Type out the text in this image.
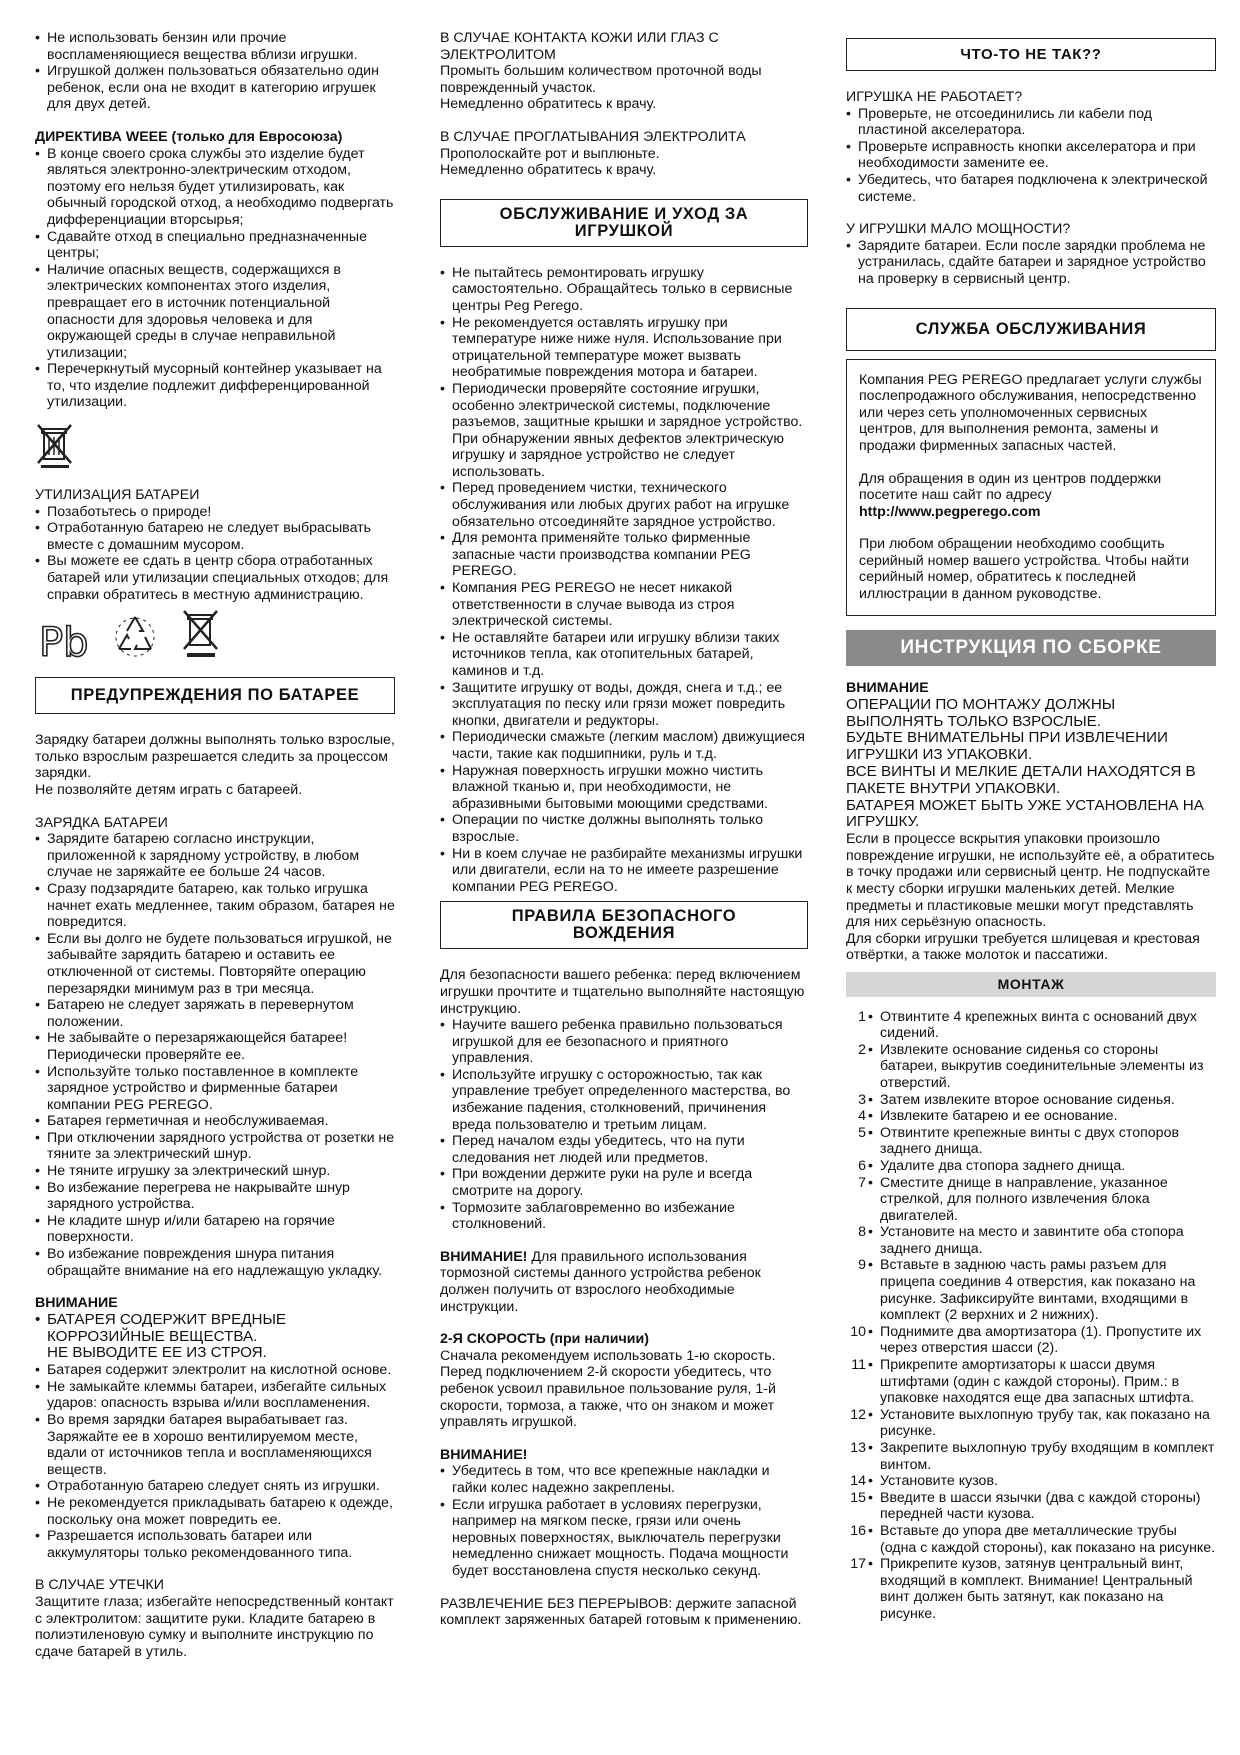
• Не использовать бензин или прочие воспламеняющиеся вещества вблизи игрушки.
• Игрушкой должен пользоваться обязательно один ребенок, если она не входит в категорию игрушек для двух детей.

ДИРЕКТИВА WEEE (только для Евросоюза)

• В конце своего срока службы это изделие будет являться электронно-электрическим отходом, поэтому его нельзя будет утилизировать, как обычный городской отход, а необходимо подвергать дифференциации вторсырья;
• Сдавайте отход в специально предназначенные центры;
• Наличие опасных веществ, содержащихся в электрических компонентах этого изделия, превращает его в источник потенциальной опасности для здоровья человека и для окружающей среды в случае неправильной утилизации;
• Перечеркнутый мусорный контейнер указывает на то, что изделие подлежит дифференцированной утилизации.

УТИЛИЗАЦИЯ БАТАРЕИ

• Позаботьтесь о природе!
• Отработанную батарею не следует выбрасывать вместе с домашним мусором.
• Вы можете ее сдать в центр сбора отработанных батарей или утилизации специальных отходов; для справки обратитесь в местную администрацию.
Pb
ПРЕДУПРЕЖДЕНИЯ ПО БАТАРЕЕ

Зарядку батареи должны выполнять только взрослые, только взрослым разрешается следить за процессом зарядки.

Не позволяйте детям играть с батареей.

ЗАРЯДКА БАТАРЕИ

• Зарядите батарею согласно инструкции, приложенной к зарядному устройству, в любом случае не заряжайте ее больше 24 часов.
• Сразу подзарядите батарею, как только игрушка начнет ехать медленнее, таким образом, батарея не повредится.
• Если вы долго не будете пользоваться игрушкой, не забывайте зарядить батарею и оставить ее отключенной от системы. Повторяйте операцию перезарядки минимум раз в три месяца.
• Батарею не следует заряжать в перевернутом положении.
• Не забывайте о перезаряжающейся батарее! Периодически проверяйте ее.
• Используйте только поставленное в комплекте зарядное устройство и фирменные батареи компании PEG PEREGO.
• Батарея герметичная и необслуживаемая.
• При отключении зарядного устройства от розетки не тяните за электрический шнур.
• Не тяните игрушку за электрический шнур.
• Во избежание перегрева не накрывайте шнур зарядного устройства.
• Не кладите шнур и/или батарею на горячие поверхности.
• Во избежание повреждения шнура питания обращайте внимание на его надлежащую укладку.

ВНИМАНИЕ

• БАТАРЕЯ СОДЕРЖИТ ВРЕДНЫЕ
КОРРОЗИЙНЫЕ ВЕЩЕСТВА.
НЕ ВЫВОДИТЕ ЕЕ ИЗ СТРОЯ.
• Батарея содержит электролит на кислотной основе.
• Не замыкайте клеммы батареи, избегайте сильных ударов: опасность взрыва и/или воспламенения.
• Во время зарядки батарея вырабатывает газ. Заряжайте ее в хорошо вентилируемом месте, вдали от источников тепла и воспламеняющихся веществ.
• Отработанную батарею следует снять из игрушки.
• Не рекомендуется прикладывать батарею к одежде, поскольку она может повредить ее.
• Разрешается использовать батареи или аккумуляторы только рекомендованного типа.

В СЛУЧАЕ УТЕЧКИ

Защитите глаза; избегайте непосредственный контакт с электролитом: защитите руки. Кладите батарею в полиэтиленовую сумку и выполните инструкцию по сдаче батарей в утиль.

В СЛУЧАЕ КОНТАКТА КОЖИ ИЛИ ГЛАЗ С ЭЛЕКТРОЛИТОМ

Промыть большим количеством проточной воды поврежденный участок.

Немедленно обратитесь к врачу.

В СЛУЧАЕ ПРОГЛАТЫВАНИЯ ЭЛЕКТРОЛИТА

Прополоскайте рот и выплюньте.

Немедленно обратитесь к врачу.

ОБСЛУЖИВАНИЕ И УХОД ЗА ИГРУШКОЙ
• Не пытайтесь ремонтировать игрушку самостоятельно. Обращайтесь только в сервисные центры Peg Perego.
• Не рекомендуется оставлять игрушку при температуре ниже нижe нуля. Использование при отрицательной температуре может вызвать необратимые повреждения мотора и батареи.
• Периодически проверяйте состояние игрушки, особенно электрической системы, подключение разъемов, защитные крышки и зарядное устройство. При обнаружении явных дефектов электрическую игрушку и зарядное устройство не следует использовать.
• Перед проведением чистки, технического обслуживания или любых других работ на игрушке обязательно отсоединяйте зарядное устройство.
• Для ремонта применяйте только фирменные запасные части производства компании PEG PEREGO.
• Компания PEG PEREGO не несет никакой ответственности в случае вывода из строя электрической системы.
• Не оставляйте батареи или игрушку вблизи таких источников тепла, как отопительных батарей, каминов и т.д.
• Защитите игрушку от воды, дождя, снега и т.д.; ее эксплуатация по песку или грязи может повредить кнопки, двигатели и редукторы.
• Периодически смажьте (легким маслом) движущиеся части, такие как подшипники, руль и т.д.
• Наружная поверхность игрушки можно чистить влажной тканью и, при необходимости, не абразивными бытовыми моющими средствами.
• Операции по чистке должны выполнять только взрослые.
• Ни в коем случае не разбирайте механизмы игрушки или двигатели, если на то не имеете разрешение компании PEG PEREGO.
ПРАВИЛА БЕЗОПАСНОГО ВОЖДЕНИЯ

Для безопасности вашего ребенка: перед включением игрушки прочтите и тщательно выполняйте настоящую инструкцию.

• Научите вашего ребенка правильно пользоваться игрушкой для ее безопасного и приятного управления.
• Используйте игрушку с осторожностью, так как управление требует определенного мастерства, во избежание падения, столкновений, причинения вреда пользователю и третьим лицам.
• Перед началом езды убедитесь, что на пути следования нет людей или предметов.
• При вождении держите руки на руле и всегда смотрите на дорогу.
• Тормозите заблаговременно во избежание столкновений.

ВНИМАНИЕ! Для правильного использования тормозной системы данного устройства ребенок должен получить от взрослого необходимые инструкции.

2-Я СКОРОСТЬ (при наличии)

Сначала рекомендуем использовать 1-ю скорость. Перед подключением 2-й скорости убедитесь, что ребенок усвоил правильное пользование руля, 1-й скорости, тормоза, а также, что он знаком и может управлять игрушкой.

ВНИМАНИЕ!

• Убедитесь в том, что все крепежные накладки и гайки колес надежно закреплены.
• Если игрушка работает в условиях перегрузки, например на мягком песке, грязи или очень неровных поверхностях, выключатель перегрузки немедленно снижает мощность. Подача мощности будет восстановлена спустя несколько секунд.

РАЗВЛЕЧЕНИЕ БЕЗ ПЕРЕРЫВОВ: держите запасной комплект заряженных батарей готовым к применению.

ЧТО-ТО НЕ ТАК??

ИГРУШКА НЕ РАБОТАЕТ?

• Проверьте, не отсоединились ли кабели под пластиной акселератора.
• Проверьте исправность кнопки акселератора и при необходимости замените ее.
• Убедитесь, что батарея подключена к электрической системе.

У ИГРУШКИ МАЛО МОЩНОСТИ?

• Зарядите батареи. Если после зарядки проблема не устранилась, сдайте батареи и зарядное устройство на проверку в сервисный центр.
СЛУЖБА ОБСЛУЖИВАНИЯ

Компания PEG PEREGO предлагает услуги службы послепродажного обслуживания, непосредственно или через сеть уполномоченных сервисных центров, для выполнения ремонта, замены и продажи фирменных запасных частей.

Для обращения в один из центров поддержки посетите наш сайт по адресу

http://www.pegperego.com

При любом обращении необходимо сообщить серийный номер вашего устройства. Чтобы найти серийный номер, обратитесь к последней иллюстрации в данном руководстве.

ИНСТРУКЦИЯ ПО СБОРКЕ

ВНИМАНИЕ

ОПЕРАЦИИ ПО МОНТАЖУ ДОЛЖНЫ ВЫПОЛНЯТЬ ТОЛЬКО ВЗРОСЛЫЕ.

БУДЬТЕ ВНИМАТЕЛЬНЫ ПРИ ИЗВЛЕЧЕНИИ ИГРУШКИ ИЗ УПАКОВКИ.

ВСЕ ВИНТЫ И МЕЛКИЕ ДЕТАЛИ НАХОДЯТСЯ В ПАКЕТЕ ВНУТРИ УПАКОВКИ.

БАТАРЕЯ МОЖЕТ БЫТЬ УЖЕ УСТАНОВЛЕНА НА ИГРУШКУ.

Если в процессе вскрытия упаковки произошло повреждение игрушки, не используйте её, а обратитесь в точку продажи или сервисный центр. Не подпускайте к месту сборки игрушки маленьких детей. Мелкие предметы и пластиковые мешки могут представлять для них серьёзную опасность.

Для сборки игрушки требуется шлицевая и крестовая отвёртки, а также молоток и пассатижи.

МОНТАЖ
1 • Отвинтите 4 крепежных винта с оснований двух сидений.
2 • Извлеките основание сиденья со стороны батареи, выкрутив соединительные элементы из отверстий.
3 • Затем извлеките второе основание сиденья.
4 • Извлеките батарею и ее основание.
5 • Отвинтите крепежные винты с двух стопоров заднего днища.
6 • Удалите два стопора заднего днища.
7 • Сместите днище в направление, указанное стрелкой, для полного извлечения блока двигателей.
8 • Установите на место и завинтите оба стопора заднего днища.
9 • Вставьте в заднюю часть рамы разъем для прицепа соединив 4 отверстия, как показано на рисунке. Зафиксируйте винтами, входящими в комплект (2 верхних и 2 нижних).
10 • Поднимите два амортизатора (1). Пропустите их через отверстия шасси (2).
11 • Прикрепите амортизаторы к шасси двумя штифтами (один с каждой стороны). Прим.: в упаковке находятся еще два запасных штифта.
12 • Установите выхлопную трубу так, как показано на рисунке.
13 • Закрепите выхлопную трубу входящим в комплект винтом.
14 • Установите кузов.
15 • Введите в шасси язычки (два с каждой стороны) передней части кузова.
16 • Вставьте до упора две металлические трубы (одна с каждой стороны), как показано на рисунке.
17 • Прикрепите кузов, затянув центральный винт, входящий в комплект. Внимание! Центральный винт должен быть затянут, как показано на рисунке.
